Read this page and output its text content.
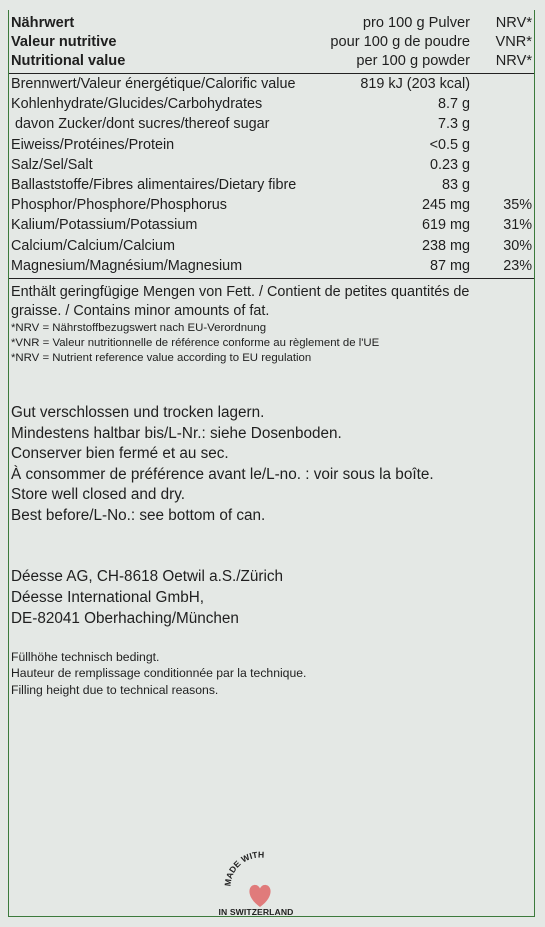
Nährwert	pro 100 g Pulver	NRV*
Valeur nutritive	pour 100 g de poudre	VNR*
Nutritional value	per 100 g powder	NRV*
Brennwert/Valeur énergétique/Calorific value	819 kJ (203 kcal)
Kohlenhydrate/Glucides/Carbohydrates	8.7 g
davon Zucker/dont sucres/thereof sugar	7.3 g
Eiweiss/Protéines/Protein	<0.5 g
Salz/Sel/Salt	0.23 g
Ballaststoffe/Fibres alimentaires/Dietary fibre	83 g
Phosphor/Phosphore/Phosphorus	245 mg	35%
Kalium/Potassium/Potassium	619 mg	31%
Calcium/Calcium/Calcium	238 mg	30%
Magnesium/Magnésium/Magnesium	87 mg	23%

Enthält geringfügige Mengen von Fett. / Contient de petites quantités de

graisse. / Contains minor amounts of fat.

*NRV = Nährstoffbezugswert nach EU-Verordnung

*VNR = Valeur nutritionnelle de référence conforme au règlement de l'UE

*NRV = Nutrient reference value according to EU regulation

Gut verschlossen und trocken lagern.
Mindestens haltbar bis/L-Nr.: siehe Dosenboden.
Conserver bien fermé et au sec.
À consommer de préférence avant le/L-no. : voir sous la boîte.
Store well closed and dry.
Best before/L-No.: see bottom of can.
Déesse AG, CH-8618 Oetwil a.S./Zürich
Déesse International GmbH,
DE-82041 Oberhaching/München
Füllhöhe technisch bedingt.
Hauteur de remplissage conditionnée par la technique.
Filling height due to technical reasons.
MADE WITH
IN SWITZERLAND
